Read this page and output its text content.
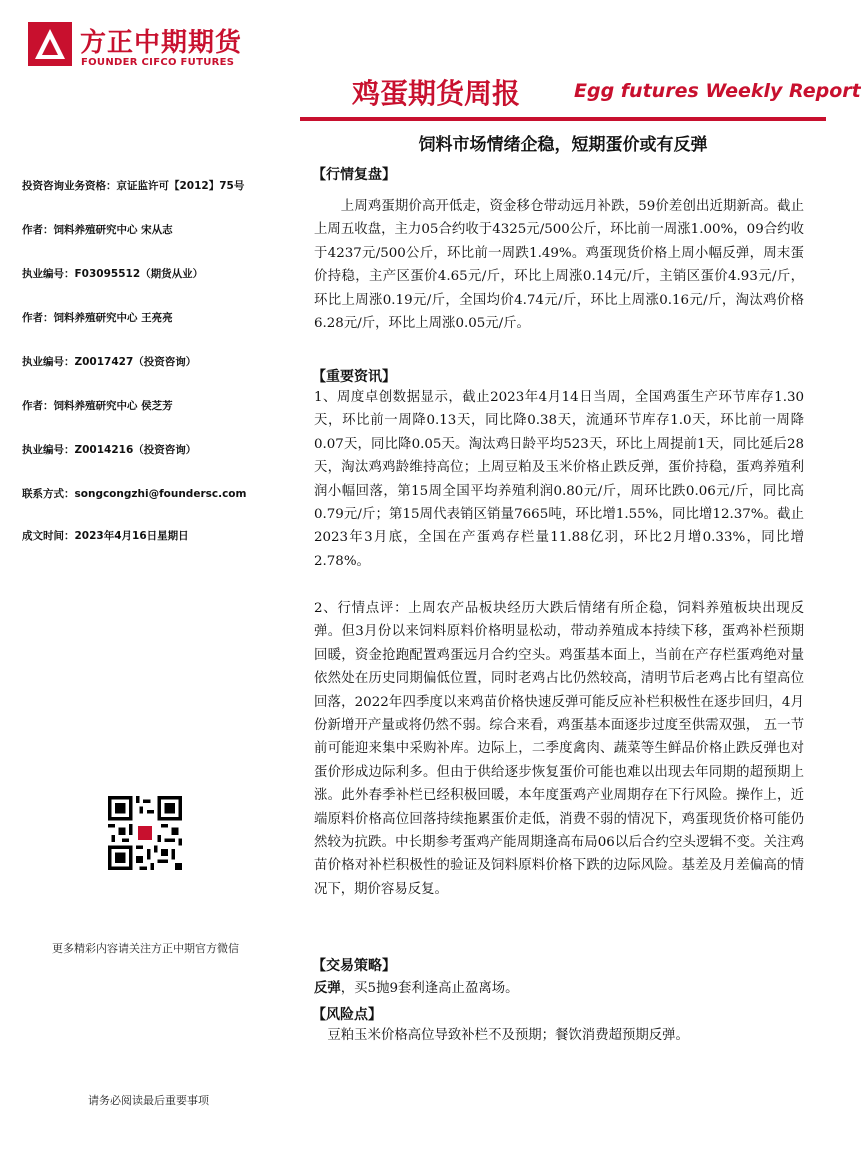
方正中期期货
FOUNDER CIFCO FUTURES
鸡蛋期货周报	Egg futures Weekly Report
饲料市场情绪企稳，短期蛋价或有反弹
投资咨询业务资格：京证监许可【2012】75号
作者：饲料养殖研究中心 宋从志
执业编号：F03095512（期货从业）
作者：饲料养殖研究中心 王亮亮
执业编号：Z0017427（投资咨询）
作者：饲料养殖研究中心 侯芝芳
执业编号：Z0014216（投资咨询）
联系方式：songcongzhi@foundersc.com
成文时间：2023年4月16日星期日
更多精彩内容请关注方正中期官方微信
请务必阅读最后重要事项
【行情复盘】
上周鸡蛋期价高开低走，资金移仓带动远月补跌，59价差创出近期新高。截止上周五收盘，主力05合约收于4325元/500公斤，环比前一周涨1.00%，09合约收于4237元/500公斤，环比前一周跌1.49%。鸡蛋现货价格上周小幅反弹，周末蛋价持稳，主产区蛋价4.65元/斤，环比上周涨0.14元/斤，主销区蛋价4.93元/斤，环比上周涨0.19元/斤，全国均价4.74元/斤，环比上周涨0.16元/斤，淘汰鸡价格6.28元/斤，环比上周涨0.05元/斤。
【重要资讯】
1、周度卓创数据显示，截止2023年4月14日当周，全国鸡蛋生产环节库存1.30天，环比前一周降0.13天，同比降0.38天，流通环节库存1.0天，环比前一周降0.07天，同比降0.05天。淘汰鸡日龄平均523天，环比上周提前1天，同比延后28天，淘汰鸡鸡龄维持高位；上周豆粕及玉米价格止跌反弹，蛋价持稳，蛋鸡养殖利润小幅回落，第15周全国平均养殖利润0.80元/斤，周环比跌0.06元/斤，同比高0.79元/斤；第15周代表销区销量7665吨，环比增1.55%，同比增12.37%。截止2023年3月底，全国在产蛋鸡存栏量11.88亿羽，环比2月增0.33%，同比增2.78%。
2、行情点评：上周农产品板块经历大跌后情绪有所企稳，饲料养殖板块出现反弹。但3月份以来饲料原料价格明显松动，带动养殖成本持续下移，蛋鸡补栏预期回暖，资金抢跑配置鸡蛋远月合约空头。鸡蛋基本面上，当前在产存栏蛋鸡绝对量依然处在历史同期偏低位置，同时老鸡占比仍然较高，清明节后老鸡占比有望高位回落，2022年四季度以来鸡苗价格快速反弹可能反应补栏积极性在逐步回归，4月份新增开产量或将仍然不弱。综合来看，鸡蛋基本面逐步过度至供需双强， 五一节前可能迎来集中采购补库。边际上，二季度禽肉、蔬菜等生鲜品价格止跌反弹也对蛋价形成边际利多。但由于供给逐步恢复蛋价可能也难以出现去年同期的超预期上涨。此外春季补栏已经积极回暖，本年度蛋鸡产业周期存在下行风险。操作上，近端原料价格高位回落持续拖累蛋价走低，消费不弱的情况下，鸡蛋现货价格可能仍然较为抗跌。中长期参考蛋鸡产能周期逢高布局06以后合约空头逻辑不变。关注鸡苗价格对补栏积极性的验证及饲料原料价格下跌的边际风险。基差及月差偏高的情况下，期价容易反复。
【交易策略】
反弹，买5抛9套利逢高止盈离场。
【风险点】
豆粕玉米价格高位导致补栏不及预期；餐饮消费超预期反弹。
